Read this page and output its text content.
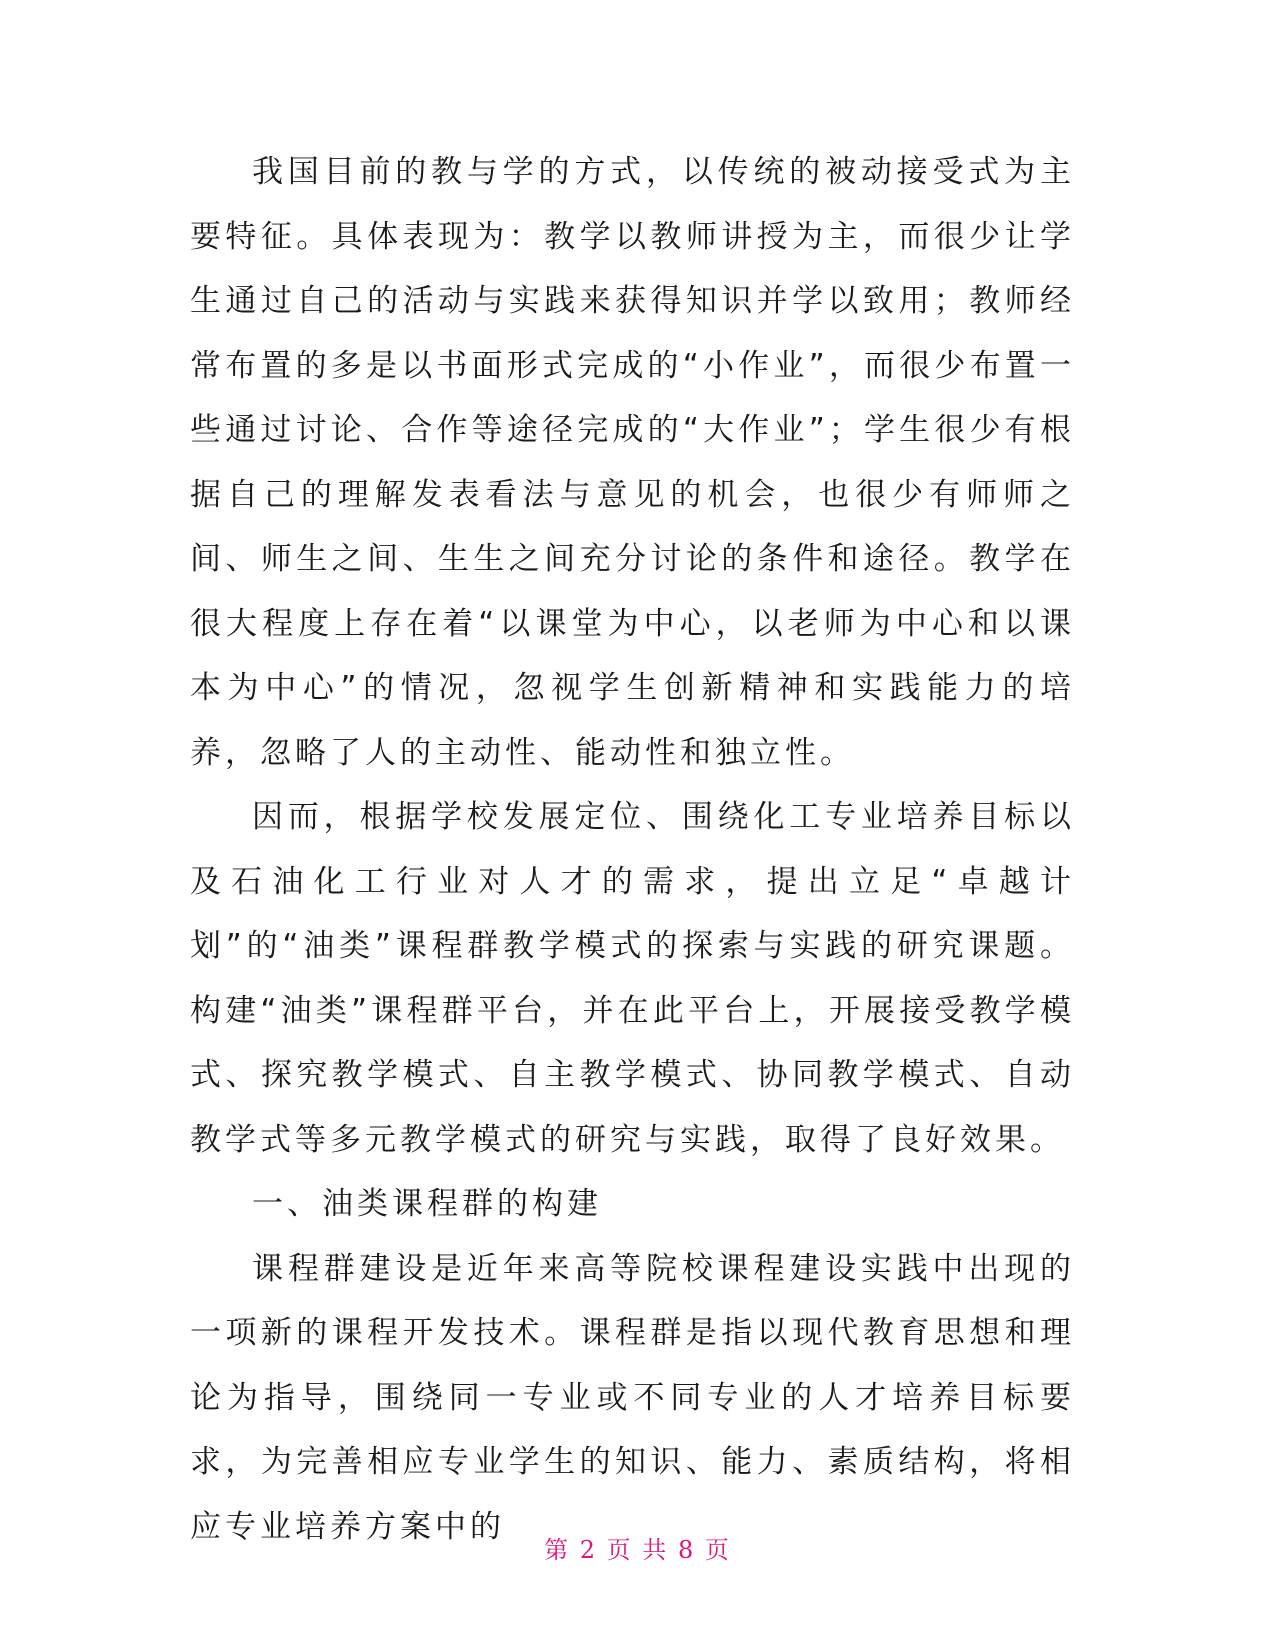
我国目前的教与学的方式，以传统的被动接受式为主要特征。具体表现为：教学以教师讲授为主，而很少让学生通过自己的活动与实践来获得知识并学以致用；教师经常布置的多是以书面形式完成的“小作业”，而很少布置一些通过讨论、合作等途径完成的“大作业”；学生很少有根据自己的理解发表看法与意见的机会，也很少有师师之间、师生之间、生生之间充分讨论的条件和途径。教学在很大程度上存在着“以课堂为中心，以老师为中心和以课本为中心”的情况，忽视学生创新精神和实践能力的培养，忽略了人的主动性、能动性和独立性。

因而，根据学校发展定位、围绕化工专业培养目标以及石油化工行业对人才的需求，提出立足“卓越计划”的“油类”课程群教学模式的探索与实践的研究课题。构建“油类”课程群平台，并在此平台上，开展接受教学模式、探究教学模式、自主教学模式、协同教学模式、自动教学式等多元教学模式的研究与实践，取得了良好效果。

一、油类课程群的构建

课程群建设是近年来高等院校课程建设实践中出现的一项新的课程开发技术。课程群是指以现代教育思想和理论为指导，围绕同一专业或不同专业的人才培养目标要求，为完善相应专业学生的知识、能力、素质结构，将相应专业培养方案中的

第 2 页 共 8 页
